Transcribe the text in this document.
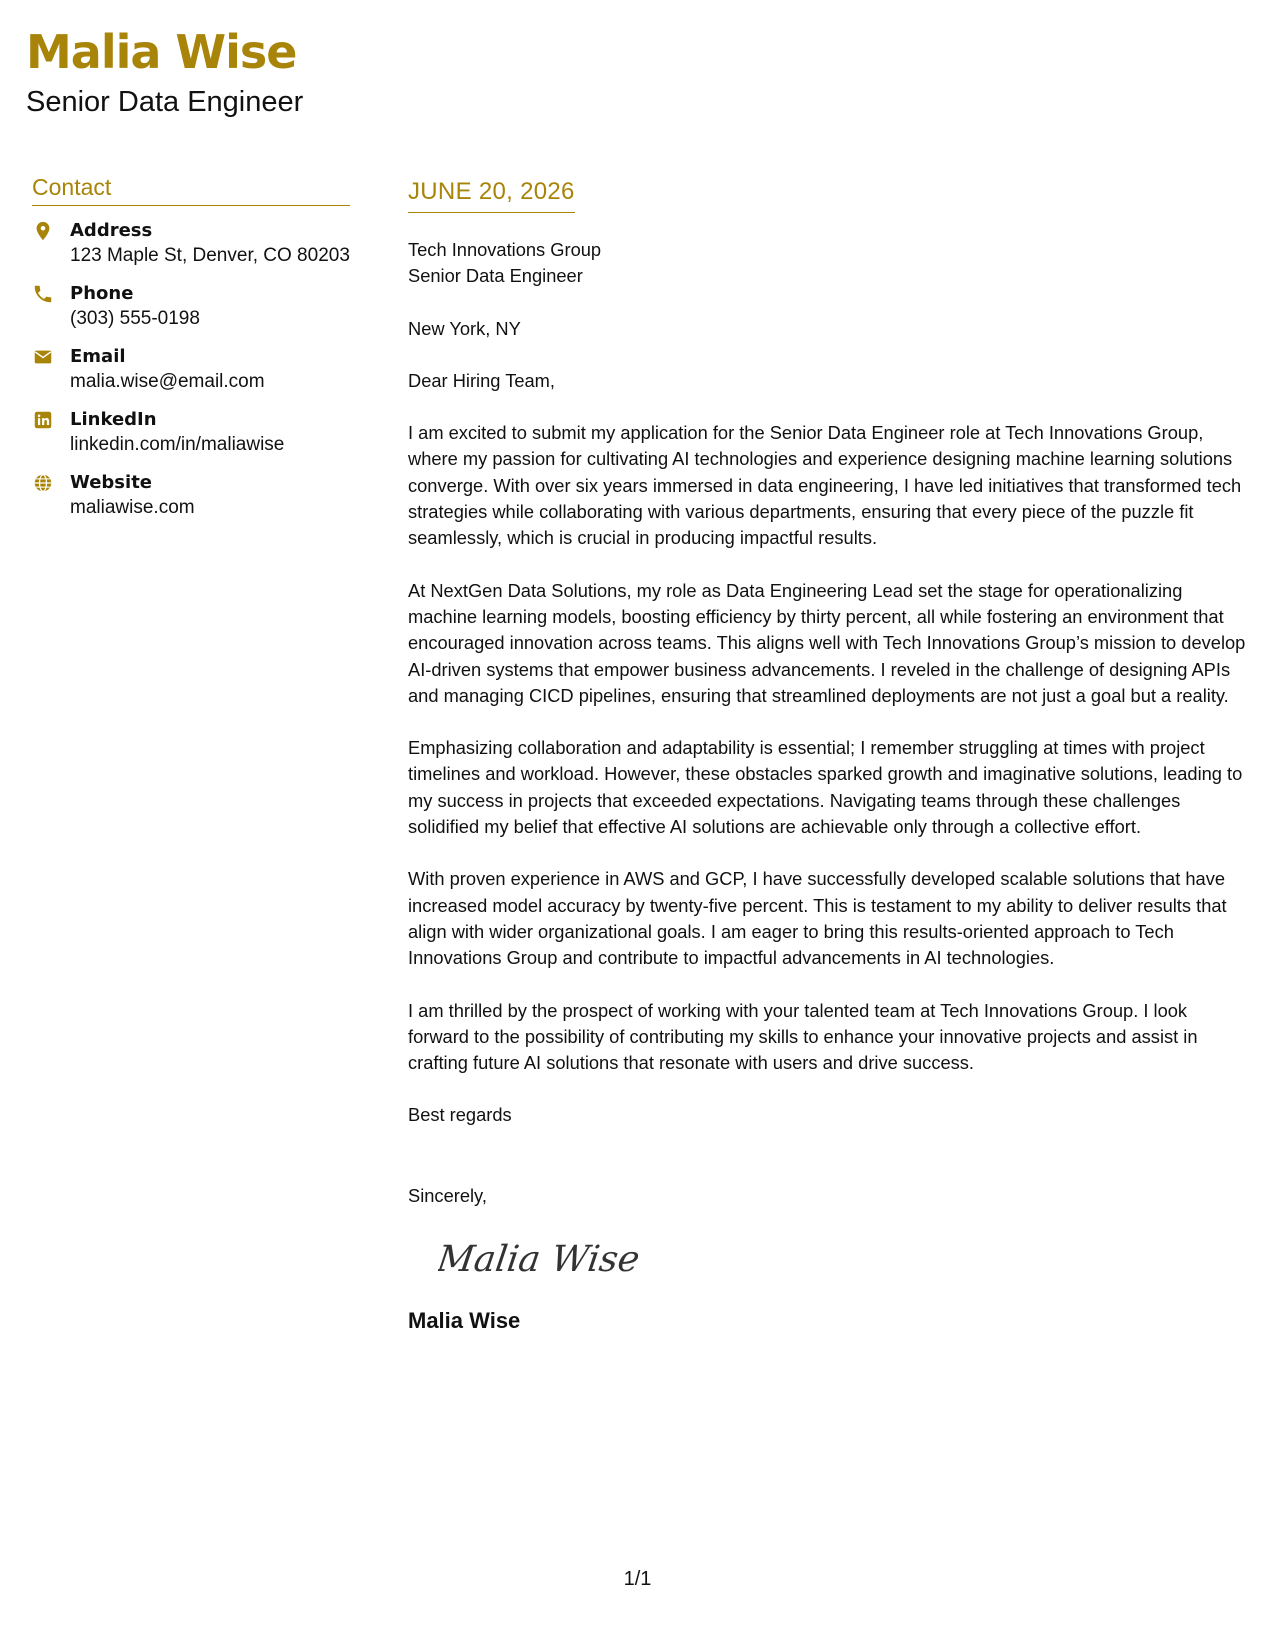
Malia Wise
Senior Data Engineer
Contact
Address
123 Maple St, Denver, CO 80203
Phone
(303) 555-0198
Email
malia.wise@email.com
LinkedIn
linkedin.com/in/maliawise
Website
maliawise.com
JUNE 20, 2026
Tech Innovations Group
Senior Data Engineer
New York, NY
Dear Hiring Team,

I am excited to submit my application for the Senior Data Engineer role at Tech Innovations Group, where my passion for cultivating AI technologies and experience designing machine learning solutions converge. With over six years immersed in data engineering, I have led initiatives that transformed tech strategies while collaborating with various departments, ensuring that every piece of the puzzle fit seamlessly, which is crucial in producing impactful results.

At NextGen Data Solutions, my role as Data Engineering Lead set the stage for operationalizing machine learning models, boosting efficiency by thirty percent, all while fostering an environment that encouraged innovation across teams. This aligns well with Tech Innovations Group’s mission to develop AI-driven systems that empower business advancements. I reveled in the challenge of designing APIs and managing CICD pipelines, ensuring that streamlined deployments are not just a goal but a reality.

Emphasizing collaboration and adaptability is essential; I remember struggling at times with project timelines and workload. However, these obstacles sparked growth and imaginative solutions, leading to my success in projects that exceeded expectations. Navigating teams through these challenges solidified my belief that effective AI solutions are achievable only through a collective effort.

With proven experience in AWS and GCP, I have successfully developed scalable solutions that have increased model accuracy by twenty-five percent. This is testament to my ability to deliver results that align with wider organizational goals. I am eager to bring this results-oriented approach to Tech Innovations Group and contribute to impactful advancements in AI technologies.

I am thrilled by the prospect of working with your talented team at Tech Innovations Group. I look forward to the possibility of contributing my skills to enhance your innovative projects and assist in crafting future AI solutions that resonate with users and drive success.

Best regards
Sincerely,
Malia Wise
Malia Wise
1/1
